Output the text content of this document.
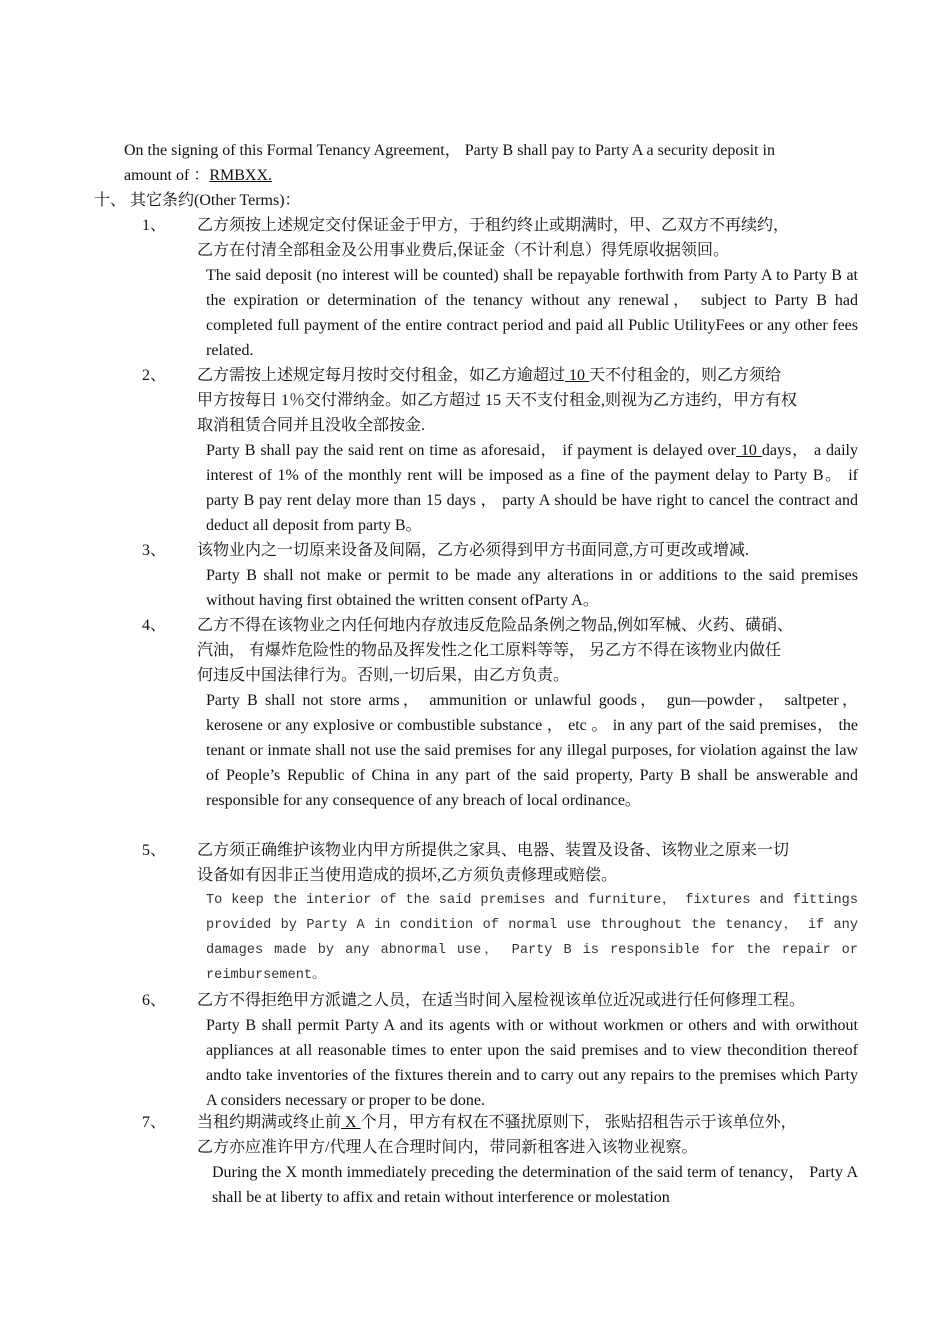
On the signing of this Formal Tenancy Agreement， Party B shall pay to Party A a security deposit in
amount of ：RMBXX.
十、 其它条约(Other Terms)：
1、 乙方须按上述规定交付保证金于甲方，于租约终止或期满时，甲、乙双方不再续约，
乙方在付清全部租金及公用事业费后,保证金（不计利息）得凭原收据领回。
The said deposit (no interest will be counted) shall be repayable forthwith from Party A to Party B at the expiration or determination of the tenancy without any renewal， subject to Party B had completed full payment of the entire contract period and paid all Public UtilityFees or any other fees related.
2、 乙方需按上述规定每月按时交付租金，如乙方逾超过 10 天不付租金的，则乙方须给
甲方按每日 1％交付滞纳金。如乙方超过 15 天不支付租金,则视为乙方违约，甲方有权
取消租赁合同并且没收全部按金.
Party B shall pay the said rent on time as aforesaid， if payment is delayed over 10 days， a daily interest of 1% of the monthly rent will be imposed as a fine of the payment delay to Party B。 if party B pay rent delay more than 15 days ， party A should be have right to cancel the contract and deduct all deposit from party B。
3、 该物业内之一切原来设备及间隔，乙方必须得到甲方书面同意,方可更改或增减.
Party B shall not make or permit to be made any alterations in or additions to the said premises without having first obtained the written consent ofParty A。
4、 乙方不得在该物业之内任何地内存放违反危险品条例之物品,例如军械、火药、磺硝、
汽油， 有爆炸危险性的物品及挥发性之化工原料等等， 另乙方不得在该物业内做任
何违反中国法律行为。否则,一切后果，由乙方负责。
Party B shall not store arms， ammunition or unlawful goods， gun—powder， saltpeter， kerosene or any explosive or combustible substance ， etc 。 in any part of the said premises， the tenant or inmate shall not use the said premises for any illegal purposes, for violation against the law of People’s Republic of China in any part of the said property, Party B shall be answerable and responsible for any consequence of any breach of local ordinance。
5、 乙方须正确维护该物业内甲方所提供之家具、电器、装置及设备、该物业之原来一切
设备如有因非正当使用造成的损坏,乙方须负责修理或赔偿。
To keep the interior of the said premises and furniture， fixtures and fittings provided by Party A in condition of normal use throughout the tenancy， if any damages made by any abnormal use， Party B is responsible for the repair or reimbursement。
6、 乙方不得拒绝甲方派谴之人员，在适当时间入屋检视该单位近况或进行任何修理工程。
Party B shall permit Party A and its agents with or without workmen or others and with orwithout appliances at all reasonable times to enter upon the said premises and to view thecondition thereof andto take inventories of the fixtures therein and to carry out any repairs to the premises which Party A considers necessary or proper to be done.
7、 当租约期满或终止前 X 个月，甲方有权在不骚扰原则下， 张贴招租告示于该单位外，
乙方亦应准许甲方/代理人在合理时间内，带同新租客进入该物业视察。
During the X month immediately preceding the determination of the said term of tenancy， Party A shall be at liberty to affix and retain without interference or molestation
